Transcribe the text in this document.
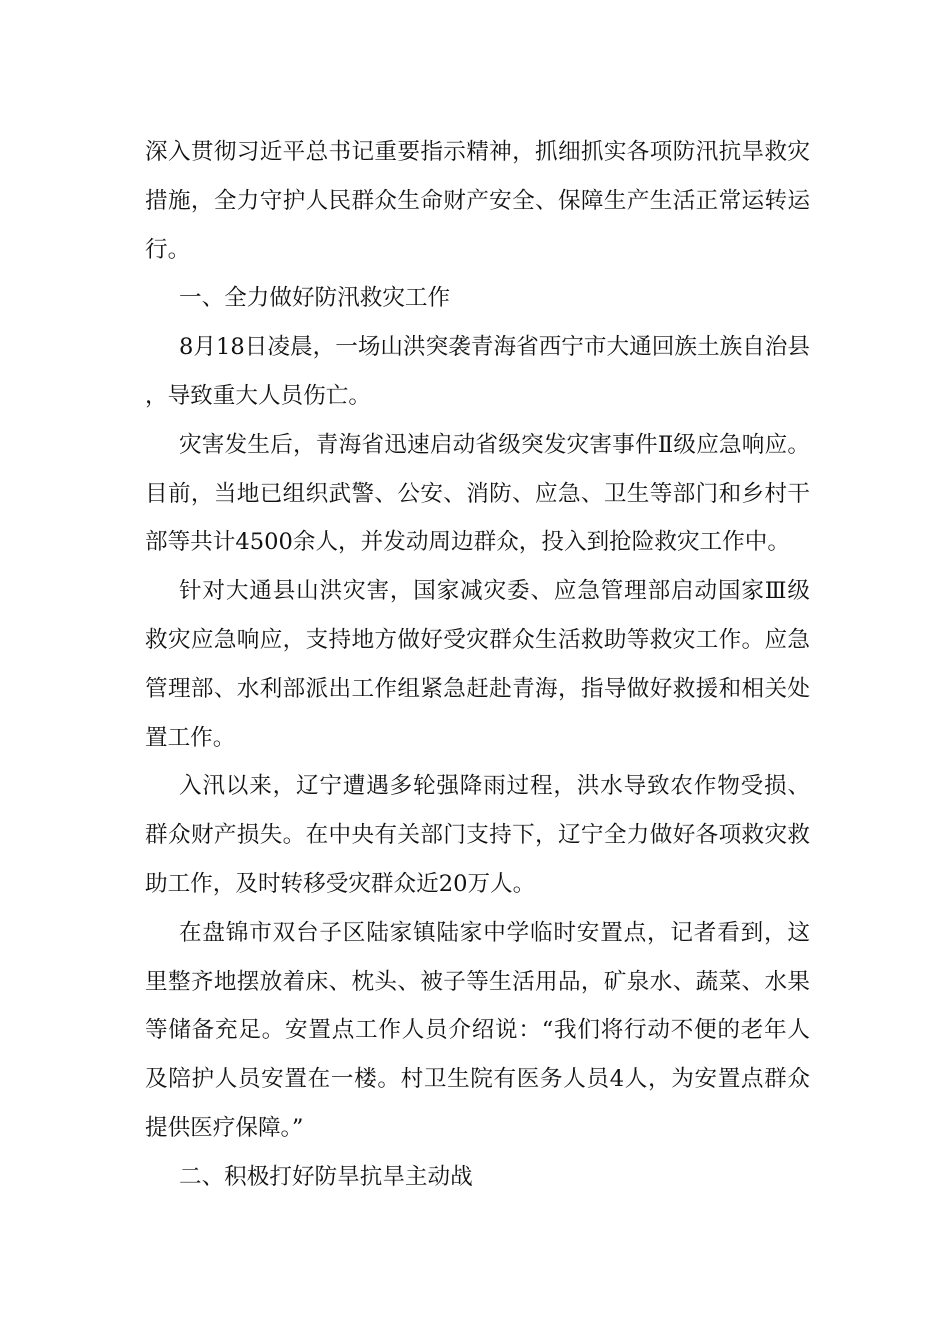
深入贯彻习近平总书记重要指示精神，抓细抓实各项防汛抗旱救灾措施，全力守护人民群众生命财产安全、保障生产生活正常运转运行。

一、全力做好防汛救灾工作

8月18日凌晨，一场山洪突袭青海省西宁市大通回族土族自治县，导致重大人员伤亡。

灾害发生后，青海省迅速启动省级突发灾害事件Ⅱ级应急响应。目前，当地已组织武警、公安、消防、应急、卫生等部门和乡村干部等共计4500余人，并发动周边群众，投入到抢险救灾工作中。

针对大通县山洪灾害，国家减灾委、应急管理部启动国家Ⅲ级救灾应急响应，支持地方做好受灾群众生活救助等救灾工作。应急管理部、水利部派出工作组紧急赶赴青海，指导做好救援和相关处置工作。

入汛以来，辽宁遭遇多轮强降雨过程，洪水导致农作物受损、群众财产损失。在中央有关部门支持下，辽宁全力做好各项救灾救助工作，及时转移受灾群众近20万人。

在盘锦市双台子区陆家镇陆家中学临时安置点，记者看到，这里整齐地摆放着床、枕头、被子等生活用品，矿泉水、蔬菜、水果等储备充足。安置点工作人员介绍说：“我们将行动不便的老年人及陪护人员安置在一楼。村卫生院有医务人员4人，为安置点群众提供医疗保障。”

二、积极打好防旱抗旱主动战
